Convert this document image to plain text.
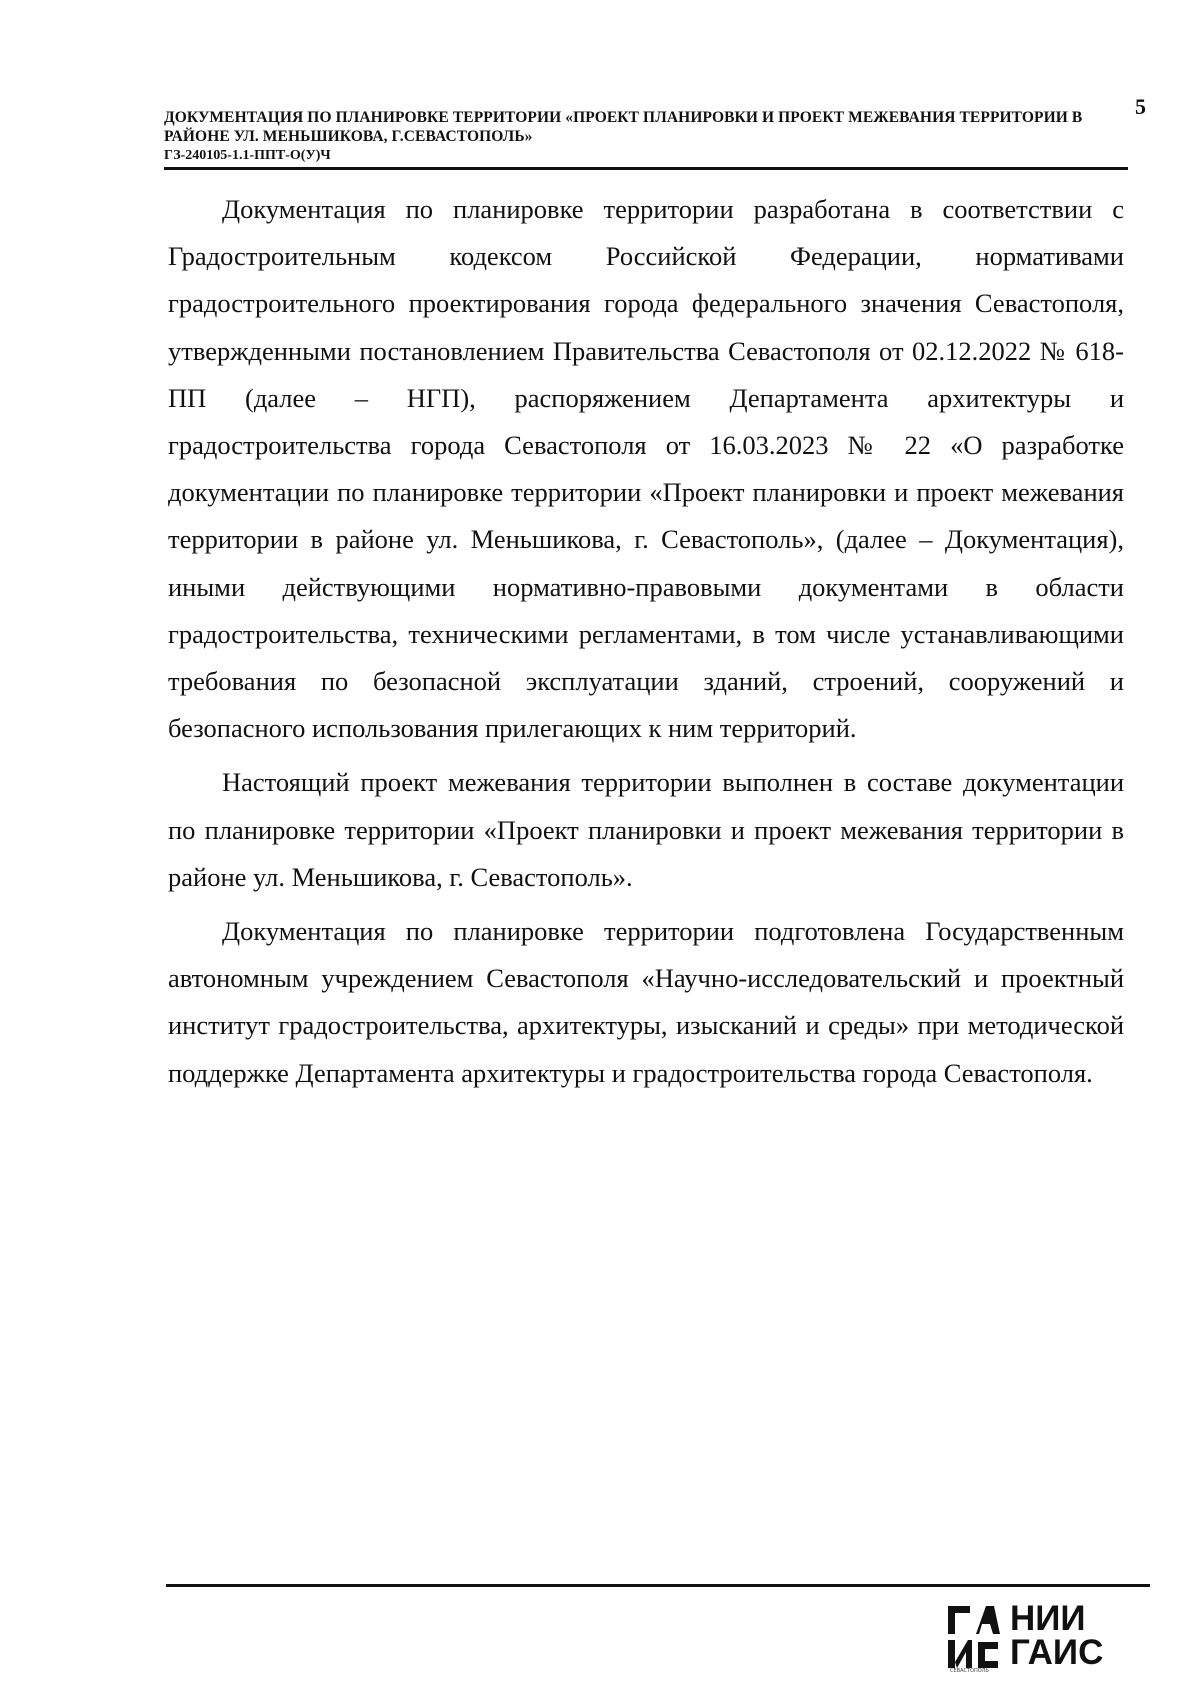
5
ДОКУМЕНТАЦИЯ ПО ПЛАНИРОВКЕ ТЕРРИТОРИИ «ПРОЕКТ ПЛАНИРОВКИ И ПРОЕКТ МЕЖЕВАНИЯ ТЕРРИТОРИИ В РАЙОНЕ УЛ. МЕНЬШИКОВА, Г.СЕВАСТОПОЛЬ»
ГЗ-240105-1.1-ППТ-О(У)Ч

Документация по планировке территории разработана в соответствии с Градостроительным кодексом Российской Федерации, нормативами градостроительного проектирования города федерального значения Севастополя, утвержденными постановлением Правительства Севастополя от 02.12.2022 № 618-ПП (далее – НГП), распоряжением Департамента архитектуры и градостроительства города Севастополя от 16.03.2023 № 22 «О разработке документации по планировке территории «Проект планировки и проект межевания территории в районе ул. Меньшикова, г. Севастополь», (далее – Документация), иными действующими нормативно-правовыми документами в области градостроительства, техническими регламентами, в том числе устанавливающими требования по безопасной эксплуатации зданий, строений, сооружений и безопасного использования прилегающих к ним территорий.

Настоящий проект межевания территории выполнен в составе документации по планировке территории «Проект планировки и проект межевания территории в районе ул. Меньшикова, г. Севастополь».

Документация по планировке территории подготовлена Государственным автономным учреждением Севастополя «Научно-исследовательский и проектный институт градостроительства, архитектуры, изысканий и среды» при методической поддержке Департамента архитектуры и градостроительства города Севастополя.

СЕВАСТОПОЛЬ
НИИ
ГАИС
